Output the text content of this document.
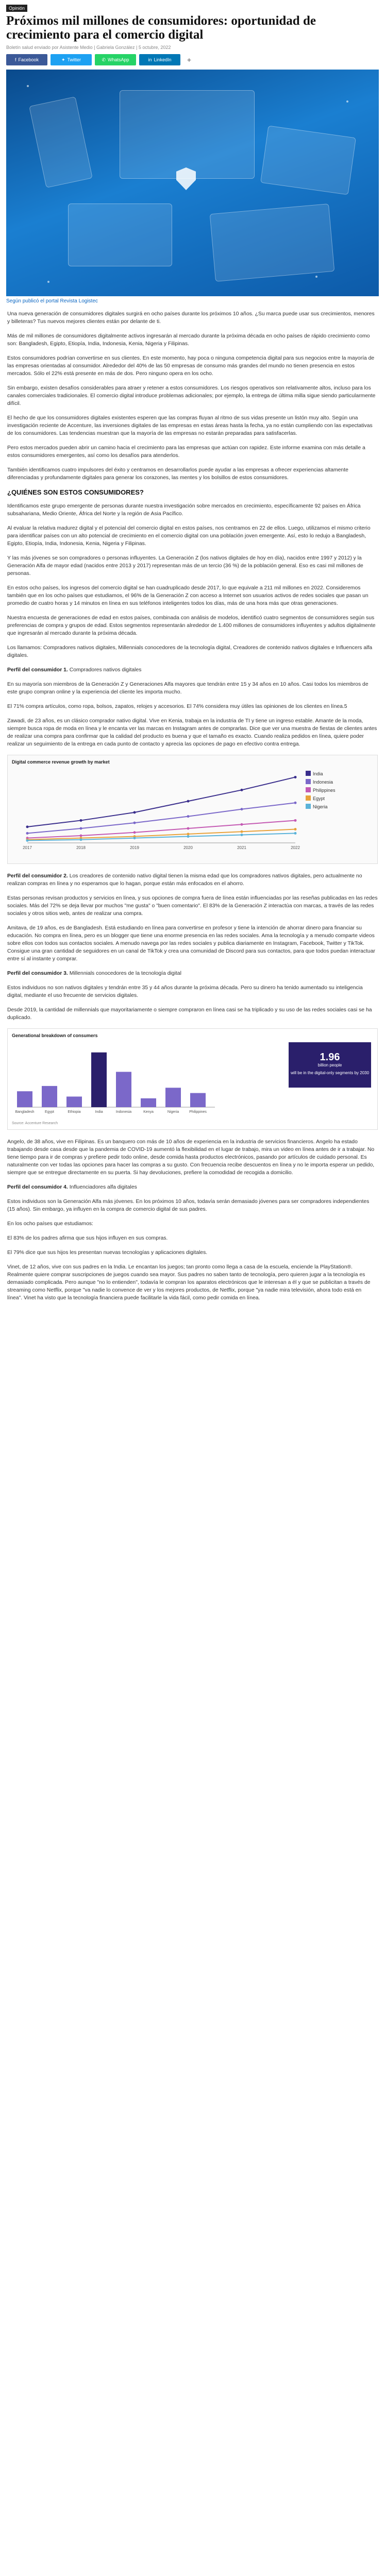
Opinión
Próximos mil millones de consumidores: oportunidad de crecimiento para el comercio digital
Boletín salud enviado por Asistente Medio | Gabriela González | 5 octubre, 2022
f Facebook	✦ Twitter	✆ WhatsApp	in LinkedIn	+
Según publicó el portal Revista Logistec

Una nueva generación de consumidores digitales surgirá en ocho países durante los próximos 10 años. ¿Su marca puede usar sus crecimientos, menores y billeteras? Tus nuevos mejores clientes están por delante de ti.

Más de mil millones de consumidores digitalmente activos ingresarán al mercado durante la próxima década en ocho países de rápido crecimiento como son: Bangladesh, Egipto, Etiopía, India, Indonesia, Kenia, Nigeria y Filipinas.

Estos consumidores podrían convertirse en sus clientes. En este momento, hay poca o ninguna competencia digital para sus negocios entre la mayoría de las empresas orientadas al consumidor. Alrededor del 40% de las 50 empresas de consumo más grandes del mundo no tienen presencia en estos mercados. Sólo el 22% está presente en más de dos. Pero ninguno opera en los ocho.

Sin embargo, existen desafíos considerables para atraer y retener a estos consumidores. Los riesgos operativos son relativamente altos, incluso para los canales comerciales tradicionales. El comercio digital introduce problemas adicionales; por ejemplo, la entrega de última milla sigue siendo particularmente difícil.

El hecho de que los consumidores digitales existentes esperen que las compras fluyan al ritmo de sus vidas presente un listón muy alto. Según una investigación reciente de Accenture, las inversiones digitales de las empresas en estas áreas hasta la fecha, ya no están cumpliendo con las expectativas de los consumidores. Las tendencias muestran que la mayoría de las empresas no estarán preparadas para satisfacerlas.

Pero estos mercados pueden abrir un camino hacia el crecimiento para las empresas que actúan con rapidez. Este informe examina con más detalle a estos consumidores emergentes, así como los desafíos para atenderlos.

También identificamos cuatro impulsores del éxito y centramos en desarrollarlos puede ayudar a las empresas a ofrecer experiencias altamente diferenciadas y profundamente digitales para generar los corazones, las mentes y los bolsillos de estos consumidores.

¿QUIÉNES SON ESTOS CONSUMIDORES?

Identificamos este grupo emergente de personas durante nuestra investigación sobre mercados en crecimiento, específicamente 92 países en África subsahariana, Medio Oriente, África del Norte y la región de Asia Pacífico.

Al evaluar la relativa madurez digital y el potencial del comercio digital en estos países, nos centramos en 22 de ellos. Luego, utilizamos el mismo criterio para identificar países con un alto potencial de crecimiento en el comercio digital con una población joven emergente. Así, esto lo redujo a Bangladesh, Egipto, Etiopía, India, Indonesia, Kenia, Nigeria y Filipinas.

Y las más jóvenes se son compradores o personas influyentes. La Generación Z (los nativos digitales de hoy en día), nacidos entre 1997 y 2012) y la Generación Alfa de mayor edad (nacidos entre 2013 y 2017) representan más de un tercio (36 %) de la población general. Eso es casi mil millones de personas.

En estos ocho países, los ingresos del comercio digital se han cuadruplicado desde 2017, lo que equivale a 211 mil millones en 2022. Consideremos también que en los ocho países que estudiamos, el 96% de la Generación Z con acceso a Internet son usuarios activos de redes sociales que pasan un promedio de cuatro horas y 14 minutos en línea en sus teléfonos inteligentes todos los días, más de una hora más que otras generaciones.

Nuestra encuesta de generaciones de edad en estos países, combinada con análisis de modelos, identificó cuatro segmentos de consumidores según sus preferencias de compra y grupos de edad. Estos segmentos representarán alrededor de 1.400 millones de consumidores influyentes y adultos digitalmente que ingresarán al mercado durante la próxima década.

Los llamamos: Compradores nativos digitales, Millennials conocedores de la tecnología digital, Creadores de contenido nativos digitales e Influencers alfa digitales.

Perfil del consumidor 1. Compradores nativos digitales

En su mayoría son miembros de la Generación Z y Generaciones Alfa mayores que tendrán entre 15 y 34 años en 10 años. Casi todos los miembros de este grupo compran online y la experiencia del cliente les importa mucho.

El 71% compra artículos, como ropa, bolsos, zapatos, relojes y accesorios. El 74% considera muy útiles las opiniones de los clientes en línea.5

Zawadi, de 23 años, es un clásico comprador nativo digital. Vive en Kenia, trabaja en la industria de TI y tiene un ingreso estable. Amante de la moda, siempre busca ropa de moda en línea y le encanta ver las marcas en Instagram antes de comprarlas. Dice que ver una muestra de fiestas de clientes antes de realizar una compra para confirmar que la calidad del producto es buena y que el tamaño es exacto. Cuando realiza pedidos en línea, quiere poder realizar un seguimiento de la entrega en cada punto de contacto y aprecia las opciones de pago en efectivo contra entrega.

Digital commerce revenue growth by market
2017	2018	2019	2020	2021	2022
India
Indonesia
Philippines
Egypt
Nigeria

Perfil del consumidor 2. Los creadores de contenido nativo digital tienen la misma edad que los compradores nativos digitales, pero actualmente no realizan compras en línea y no esperamos que lo hagan, porque están más enfocados en el ahorro.

Estas personas revisan productos y servicios en línea, y sus opciones de compra fuera de línea están influenciadas por las reseñas publicadas en las redes sociales. Más del 72% se deja llevar por muchos "me gusta" o "buen comentario". El 83% de la Generación Z interactúa con marcas, a través de las redes sociales y otros sitios web, antes de realizar una compra.

Amitava, de 19 años, es de Bangladesh. Está estudiando en línea para convertirse en profesor y tiene la intención de ahorrar dinero para financiar su educación. No compra en línea, pero es un blogger que tiene una enorme presencia en las redes sociales. Ama la tecnología y a menudo comparte videos sobre ellos con todos sus contactos sociales. A menudo navega por las redes sociales y publica diariamente en Instagram, Facebook, Twitter y TikTok. Consigue una gran cantidad de seguidores en un canal de TikTok y crea una comunidad de Discord para sus contactos, para que todos puedan interactuar entre sí al instante y comprar.

Perfil del consumidor 3. Millennials conocedores de la tecnología digital

Estos individuos no son nativos digitales y tendrán entre 35 y 44 años durante la próxima década. Pero su dinero ha tenido aumentado su inteligencia digital, mediante el uso frecuente de servicios digitales.

Desde 2019, la cantidad de millennials que mayoritariamente o siempre compraron en línea casi se ha triplicado y su uso de las redes sociales casi se ha duplicado.

Generational breakdown of consumers
Bangladesh	Egypt	Ethiopia	India	Indonesia	Kenya	Nigeria	Philippines
1.96
billion people
will be in the digital-only segments by 2030
Source: Accenture Research

Angelo, de 38 años, vive en Filipinas. Es un banquero con más de 10 años de experiencia en la industria de servicios financieros. Angelo ha estado trabajando desde casa desde que la pandemia de COVID-19 aumentó la flexibilidad en el lugar de trabajo, mira un video en línea antes de ir a trabajar. No tiene tiempo para ir de compras y prefiere pedir todo online, desde comida hasta productos electrónicos, pasando por artículos de cuidado personal. Es naturalmente con ver todas las opciones para hacer las compras a su gusto. Con frecuencia recibe descuentos en línea y no le importa esperar un pedido, siempre que se entregue directamente en su puerta. Si hay devoluciones, prefiere la comodidad de recogida a domicilio.

Perfil del consumidor 4. Influenciadores alfa digitales

Estos individuos son la Generación Alfa más jóvenes. En los próximos 10 años, todavía serán demasiado jóvenes para ser compradores independientes (15 años). Sin embargo, ya influyen en la compra de comercio digital de sus padres.

En los ocho países que estudiamos:

El 83% de los padres afirma que sus hijos influyen en sus compras.

El 79% dice que sus hijos les presentan nuevas tecnologías y aplicaciones digitales.

Vinet, de 12 años, vive con sus padres en la India. Le encantan los juegos; tan pronto como llega a casa de la escuela, enciende la PlayStation®. Realmente quiere comprar suscripciones de juegos cuando sea mayor. Sus padres no saben tanto de tecnología, pero quieren jugar a la tecnología es demasiado complicada. Pero aunque "no lo entienden", todavía le compran los aparatos electrónicos que le interesan a él y que se publicitan a través de streaming como Netflix, porque "va nadie lo convence de ver y los mejores productos, de Netflix, porque "ya nadie mira televisión, ahora todo está en línea". Vinet ha visto que la tecnología financiera puede facilitarle la vida fácil, como pedir comida en línea.
